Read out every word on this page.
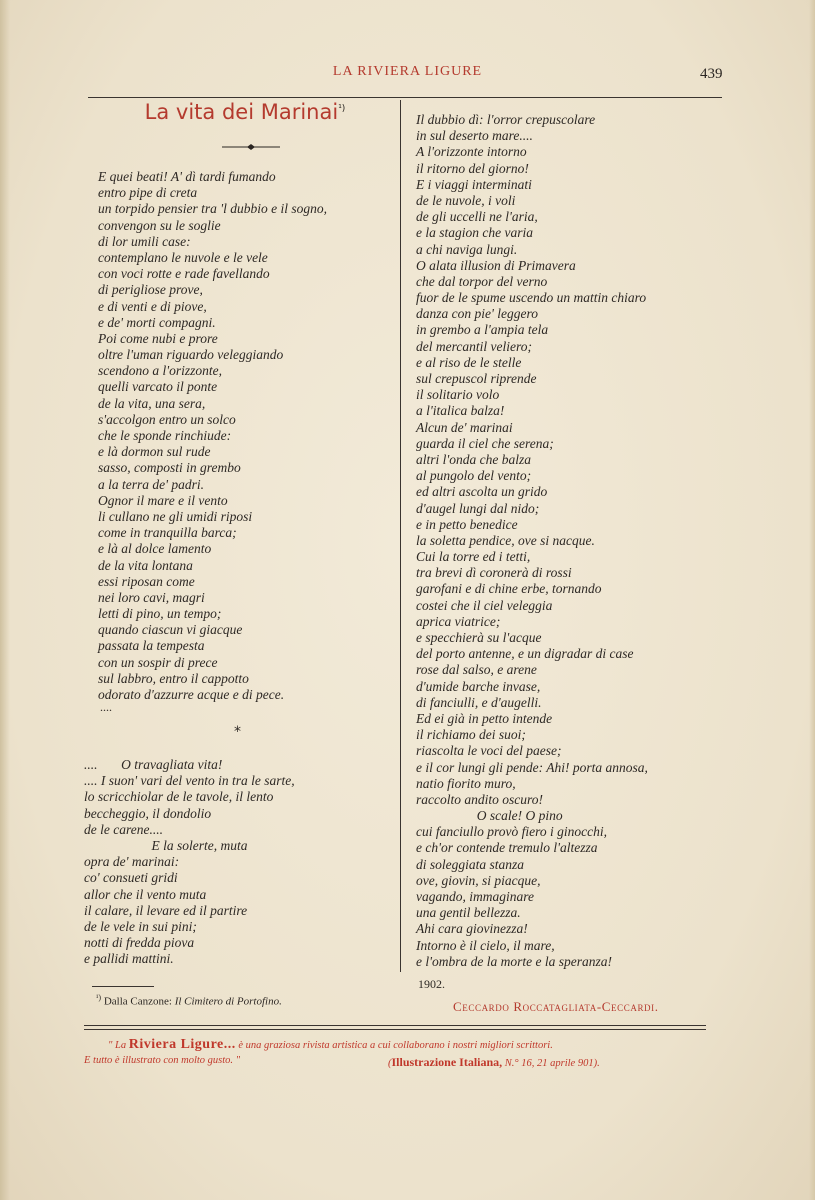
LA RIVIERA LIGURE	439
La vita dei Marinai$^{^1)}$
E quei beati! A' dì tardi fumando
entro pipe di creta
un torpido pensier tra 'l dubbio e il sogno,
convengon su le soglie
di lor umili case:
contemplano le nuvole e le vele
con voci rotte e rade favellando
di perigliose prove,
e di venti e di piove,
e de' morti compagni.
Poi come nubi e prore
oltre l'uman riguardo veleggiando
scendono a l'orizzonte,
quelli varcato il ponte
de la vita, una sera,
s'accolgon entro un solco
che le sponde rinchiude:
e là dormon sul rude
sasso, composti in grembo
a la terra de' padri.
Ognor il mare e il vento
li cullano ne gli umidi riposi
come in tranquilla barca;
e là al dolce lamento
de la vita lontana
essi riposan come
nei loro cavi, magri
letti di pino, un tempo;
quando ciascun vi giacque
passata la tempesta
con un sospir di prece
sul labbro, entro il cappotto
odorato d'azzurre acque e di pece.
....
*
....       O travagliata vita!
.... I suon' vari del vento in tra le sarte,
lo scricchiolar de le tavole, il lento
beccheggio, il dondolio
de le carene....
E la solerte, muta
opra de' marinai:
co' consueti gridi
allor che il vento muta
il calare, il levare ed il partire
de le vele in sui pini;
notti di fredda piova
e pallidi mattini.
Il dubbio dì: l'orror crepuscolare
in sul deserto mare....
A l'orizzonte intorno
il ritorno del giorno!
E i viaggi interminati
de le nuvole, i voli
de gli uccelli ne l'aria,
e la stagion che varia
a chi naviga lungi.
O alata illusion di Primavera
che dal torpor del verno
fuor de le spume uscendo un mattin chiaro
danza con pie' leggero
in grembo a l'ampia tela
del mercantil veliero;
e al riso de le stelle
sul crepuscol riprende
il solitario volo
a l'italica balza!
Alcun de' marinai
guarda il ciel che serena;
altri l'onda che balza
al pungolo del vento;
ed altri ascolta un grido
d'augel lungi dal nido;
e in petto benedice
la soletta pendice, ove si nacque.
Cui la torre ed i tetti,
tra brevi dì coronerà di rossi
garofani e di chine erbe, tornando
costei che il ciel veleggia
aprica viatrice;
e specchierà su l'acque
del porto antenne, e un digradar di case
rose dal salso, e arene
d'umide barche invase,
di fanciulli, e d'augelli.
Ed ei già in petto intende
il richiamo dei suoi;
riascolta le voci del paese;
e il cor lungi gli pende: Ahi! porta annosa,
natio fiorito muro,
raccolto andito oscuro!
O scale! O pino
cui fanciullo provò fiero i ginocchi,
e ch'or contende tremulo l'altezza
di soleggiata stanza
ove, giovin, si piacque,
vagando, immaginare
una gentil bellezza.
Ahi cara giovinezza!
Intorno è il cielo, il mare,
e l'ombra de la morte e la speranza!
$^{^1)}$ Dalla Canzone: Il Cimitero di Portofino.
1902.
Ceccardo Roccatagliata-Ceccardi.
" La Riviera Ligure... è una graziosa rivista artistica a cui collaborano i nostri migliori scrittori.
E tutto è illustrato con molto gusto. "	(Illustrazione Italiana, N.° 16, 21 aprile 901).
